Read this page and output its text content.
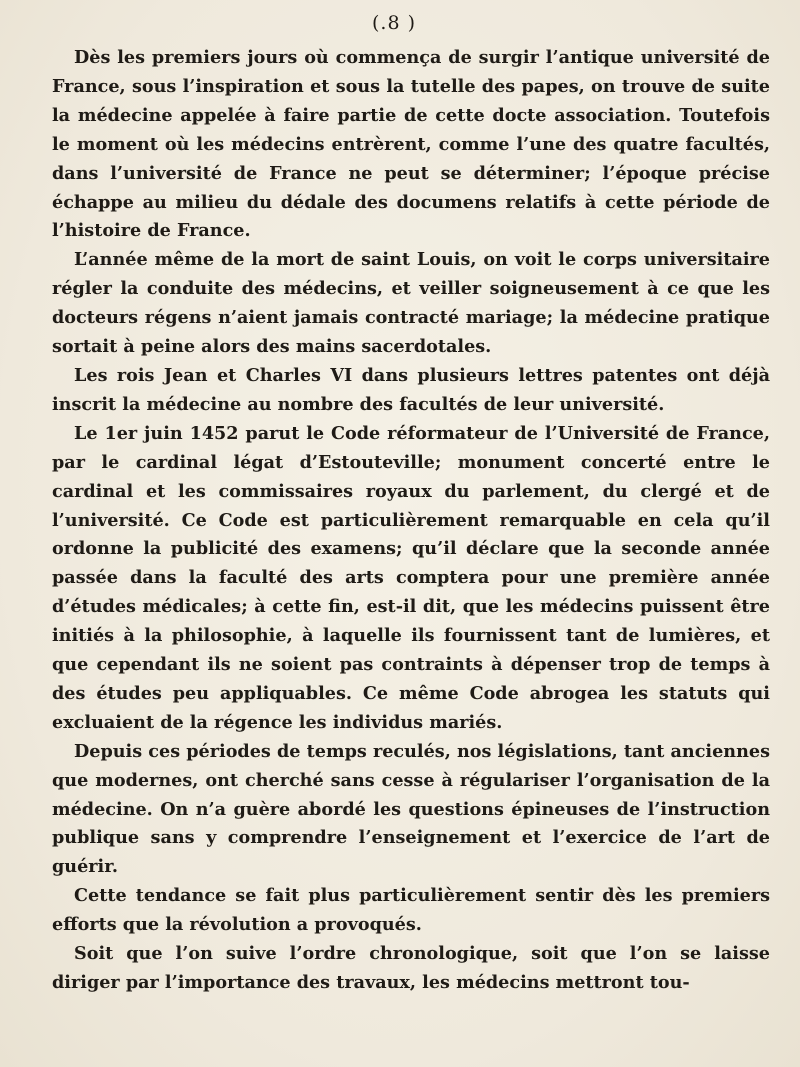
(.8 )

Dès les premiers jours où commença de surgir l’antique université de France, sous l’inspiration et sous la tutelle des papes, on trouve de suite la médecine appelée à faire partie de cette docte association. Toutefois le moment où les médecins entrèrent, comme l’une des quatre facultés, dans l’université de France ne peut se déterminer; l’époque précise échappe au milieu du dédale des documens relatifs à cette période de l’histoire de France.

L’année même de la mort de saint Louis, on voit le corps universitaire régler la conduite des médecins, et veiller soigneusement à ce que les docteurs régens n’aient jamais contracté mariage; la médecine pratique sortait à peine alors des mains sacerdotales.

Les rois Jean et Charles VI dans plusieurs lettres patentes ont déjà inscrit la médecine au nombre des facultés de leur université.

Le 1er juin 1452 parut le Code réformateur de l’Université de France, par le cardinal légat d’Estouteville; monument concerté entre le cardinal et les commissaires royaux du parlement, du clergé et de l’université. Ce Code est particulièrement remarquable en cela qu’il ordonne la publicité des examens; qu’il déclare que la seconde année passée dans la faculté des arts comptera pour une première année d’études médicales; à cette fin, est-il dit, que les médecins puissent être initiés à la philosophie, à laquelle ils fournissent tant de lumières, et que cependant ils ne soient pas contraints à dépenser trop de temps à des études peu appliquables. Ce même Code abrogea les statuts qui excluaient de la régence les individus mariés.

Depuis ces périodes de temps reculés, nos législations, tant anciennes que modernes, ont cherché sans cesse à régulariser l’organisation de la médecine. On n’a guère abordé les questions épineuses de l’instruction publique sans y comprendre l’enseignement et l’exercice de l’art de guérir.

Cette tendance se fait plus particulièrement sentir dès les premiers efforts que la révolution a provoqués.

Soit que l’on suive l’ordre chronologique, soit que l’on se laisse diriger par l’importance des travaux, les médecins mettront tou-
